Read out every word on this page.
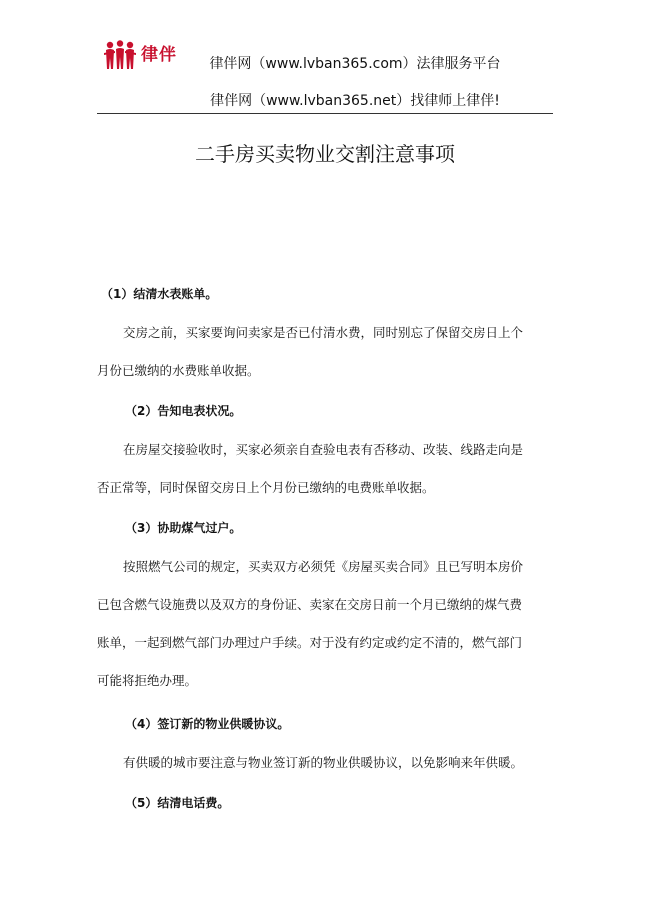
律伴	律伴网（www.lvban365.com）法律服务平台
律伴网（www.lvban365.net）找律师上律伴!
二手房买卖物业交割注意事项
（1）结清水表账单。
交房之前，买家要询问卖家是否已付清水费，同时别忘了保留交房日上个
月份已缴纳的水费账单收据。
（2）告知电表状况。
在房屋交接验收时，买家必须亲自查验电表有否移动、改装、线路走向是
否正常等，同时保留交房日上个月份已缴纳的电费账单收据。
（3）协助煤气过户。
按照燃气公司的规定，买卖双方必须凭《房屋买卖合同》且已写明本房价
已包含燃气设施费以及双方的身份证、卖家在交房日前一个月已缴纳的煤气费
账单，一起到燃气部门办理过户手续。对于没有约定或约定不清的，燃气部门
可能将拒绝办理。
（4）签订新的物业供暖协议。
有供暖的城市要注意与物业签订新的物业供暖协议，以免影响来年供暖。
（5）结清电话费。
